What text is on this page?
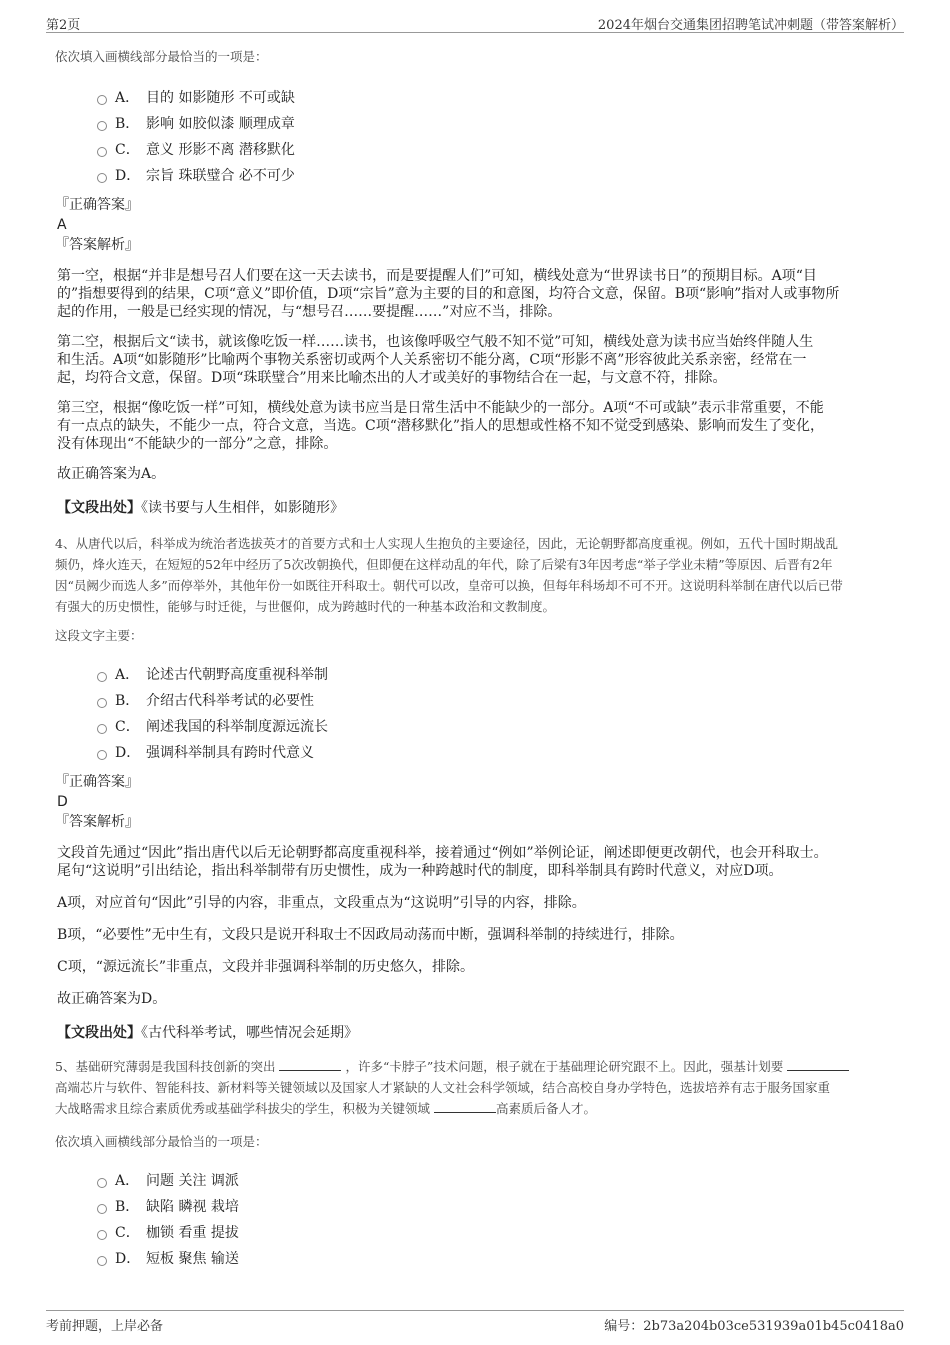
第2页	2024年烟台交通集团招聘笔试冲刺题（带答案解析）

依次填入画横线部分最恰当的一项是：

A． 目的 如影随形 不可或缺
B． 影响 如胶似漆 顺理成章
C． 意义 形影不离 潜移默化
D． 宗旨 珠联璧合 必不可少

『正确答案』

A

『答案解析』

第一空，根据“并非是想号召人们要在这一天去读书，而是要提醒人们”可知，横线处意为“世界读书日”的预期目标。A项“目

的”指想要得到的结果，C项“意义”即价值，D项“宗旨”意为主要的目的和意图，均符合文意，保留。B项“影响”指对人或事物所

起的作用，一般是已经实现的情况，与“想号召……要提醒……”对应不当，排除。

第二空，根据后文“读书，就该像吃饭一样……读书，也该像呼吸空气般不知不觉”可知，横线处意为读书应当始终伴随人生

和生活。A项“如影随形”比喻两个事物关系密切或两个人关系密切不能分离，C项“形影不离”形容彼此关系亲密，经常在一

起，均符合文意，保留。D项“珠联璧合”用来比喻杰出的人才或美好的事物结合在一起，与文意不符，排除。

第三空，根据“像吃饭一样”可知，横线处意为读书应当是日常生活中不能缺少的一部分。A项“不可或缺”表示非常重要，不能

有一点点的缺失，不能少一点，符合文意，当选。C项“潜移默化”指人的思想或性格不知不觉受到感染、影响而发生了变化，

没有体现出“不能缺少的一部分”之意，排除。

故正确答案为A。

【文段出处】《读书要与人生相伴，如影随形》

4、从唐代以后，科举成为统治者选拔英才的首要方式和士人实现人生抱负的主要途径，因此，无论朝野都高度重视。例如，五代十国时期战乱

频仍，烽火连天，在短短的52年中经历了5次改朝换代，但即便在这样动乱的年代，除了后梁有3年因考虑“举子学业未精”等原因、后晋有2年

因“员阙少而选人多”而停举外，其他年份一如既往开科取士。朝代可以改，皇帝可以换，但每年科场却不可不开。这说明科举制在唐代以后已带

有强大的历史惯性，能够与时迁徙，与世偃仰，成为跨越时代的一种基本政治和文教制度。

这段文字主要：

A． 论述古代朝野高度重视科举制
B． 介绍古代科举考试的必要性
C． 阐述我国的科举制度源远流长
D． 强调科举制具有跨时代意义

『正确答案』

D

『答案解析』

文段首先通过“因此”指出唐代以后无论朝野都高度重视科举，接着通过“例如”举例论证，阐述即便更改朝代，也会开科取士。

尾句“这说明”引出结论，指出科举制带有历史惯性，成为一种跨越时代的制度，即科举制具有跨时代意义，对应D项。

A项，对应首句“因此”引导的内容，非重点，文段重点为“这说明”引导的内容，排除。

B项，“必要性”无中生有，文段只是说开科取士不因政局动荡而中断，强调科举制的持续进行，排除。

C项，“源远流长”非重点，文段并非强调科举制的历史悠久，排除。

故正确答案为D。

【文段出处】《古代科举考试，哪些情况会延期》

5、基础研究薄弱是我国科技创新的突出	，许多“卡脖子”技术问题，根子就在于基础理论研究跟不上。因此，强基计划要

高端芯片与软件、智能科技、新材料等关键领域以及国家人才紧缺的人文社会科学领域，结合高校自身办学特色，选拔培养有志于服务国家重

大战略需求且综合素质优秀或基础学科拔尖的学生，积极为关键领域	高素质后备人才。

依次填入画横线部分最恰当的一项是：

A． 问题 关注 调派
B． 缺陷 瞵视 栽培
C． 枷锁 看重 提拔
D． 短板 聚焦 输送
考前押题，上岸必备	编号：2b73a204b03ce531939a01b45c0418a0
